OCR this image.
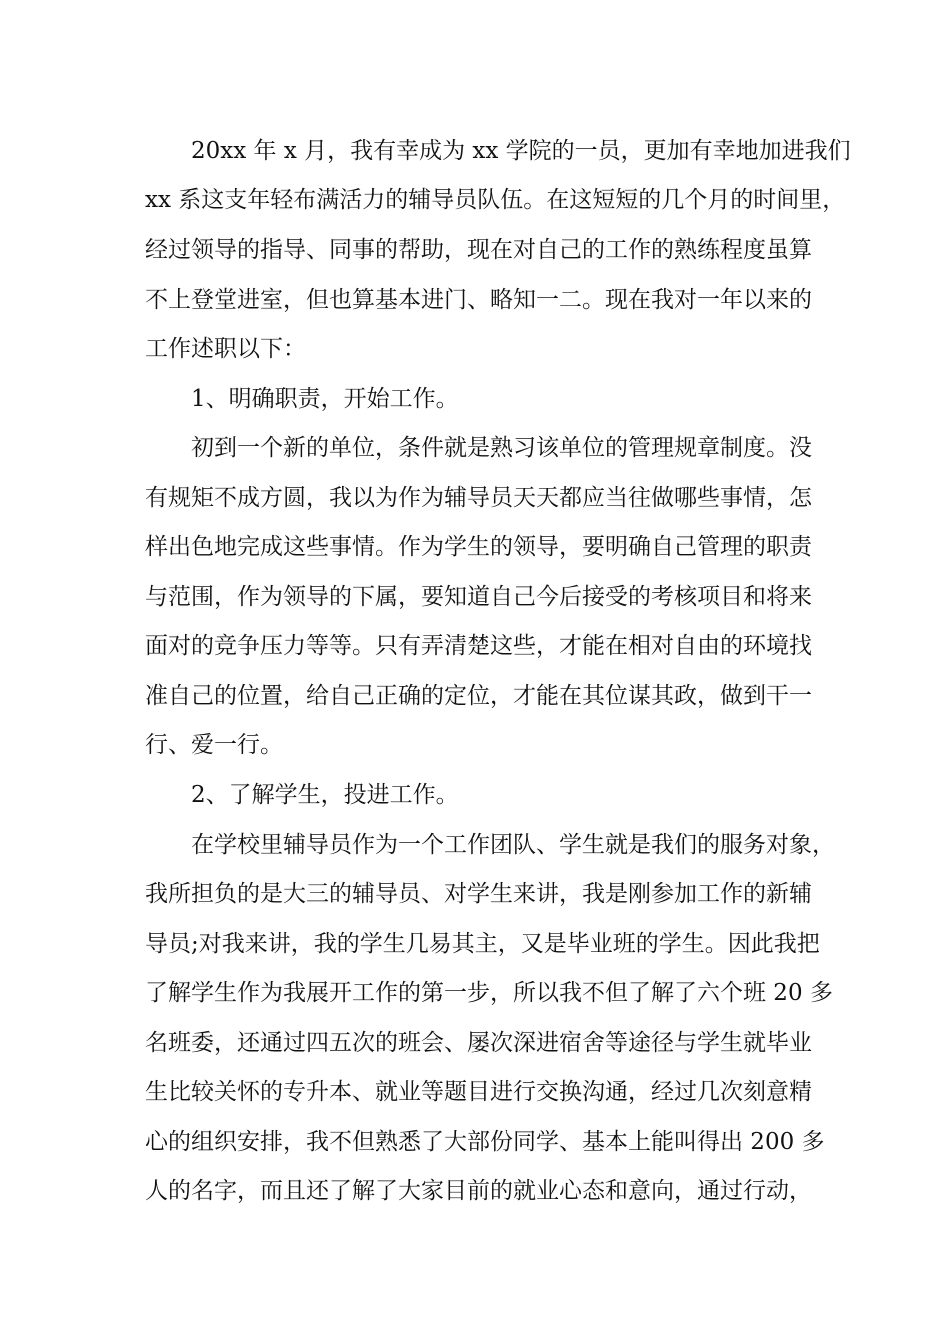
20xx 年 x 月，我有幸成为 xx 学院的一员，更加有幸地加进我们
xx 系这支年轻布满活力的辅导员队伍。在这短短的几个月的时间里，
经过领导的指导、同事的帮助，现在对自己的工作的熟练程度虽算
不上登堂进室，但也算基本进门、略知一二。现在我对一年以来的
工作述职以下：
1、明确职责，开始工作。
初到一个新的单位，条件就是熟习该单位的管理规章制度。没
有规矩不成方圆，我以为作为辅导员天天都应当往做哪些事情，怎
样出色地完成这些事情。作为学生的领导，要明确自己管理的职责
与范围，作为领导的下属，要知道自己今后接受的考核项目和将来
面对的竞争压力等等。只有弄清楚这些，才能在相对自由的环境找
准自己的位置，给自己正确的定位，才能在其位谋其政，做到干一
行、爱一行。
2、了解学生，投进工作。
在学校里辅导员作为一个工作团队、学生就是我们的服务对象，
我所担负的是大三的辅导员、对学生来讲，我是刚参加工作的新辅
导员;对我来讲，我的学生几易其主，又是毕业班的学生。因此我把
了解学生作为我展开工作的第一步，所以我不但了解了六个班 20 多
名班委，还通过四五次的班会、屡次深进宿舍等途径与学生就毕业
生比较关怀的专升本、就业等题目进行交换沟通，经过几次刻意精
心的组织安排，我不但熟悉了大部份同学、基本上能叫得出 200 多
人的名字，而且还了解了大家目前的就业心态和意向，通过行动，
